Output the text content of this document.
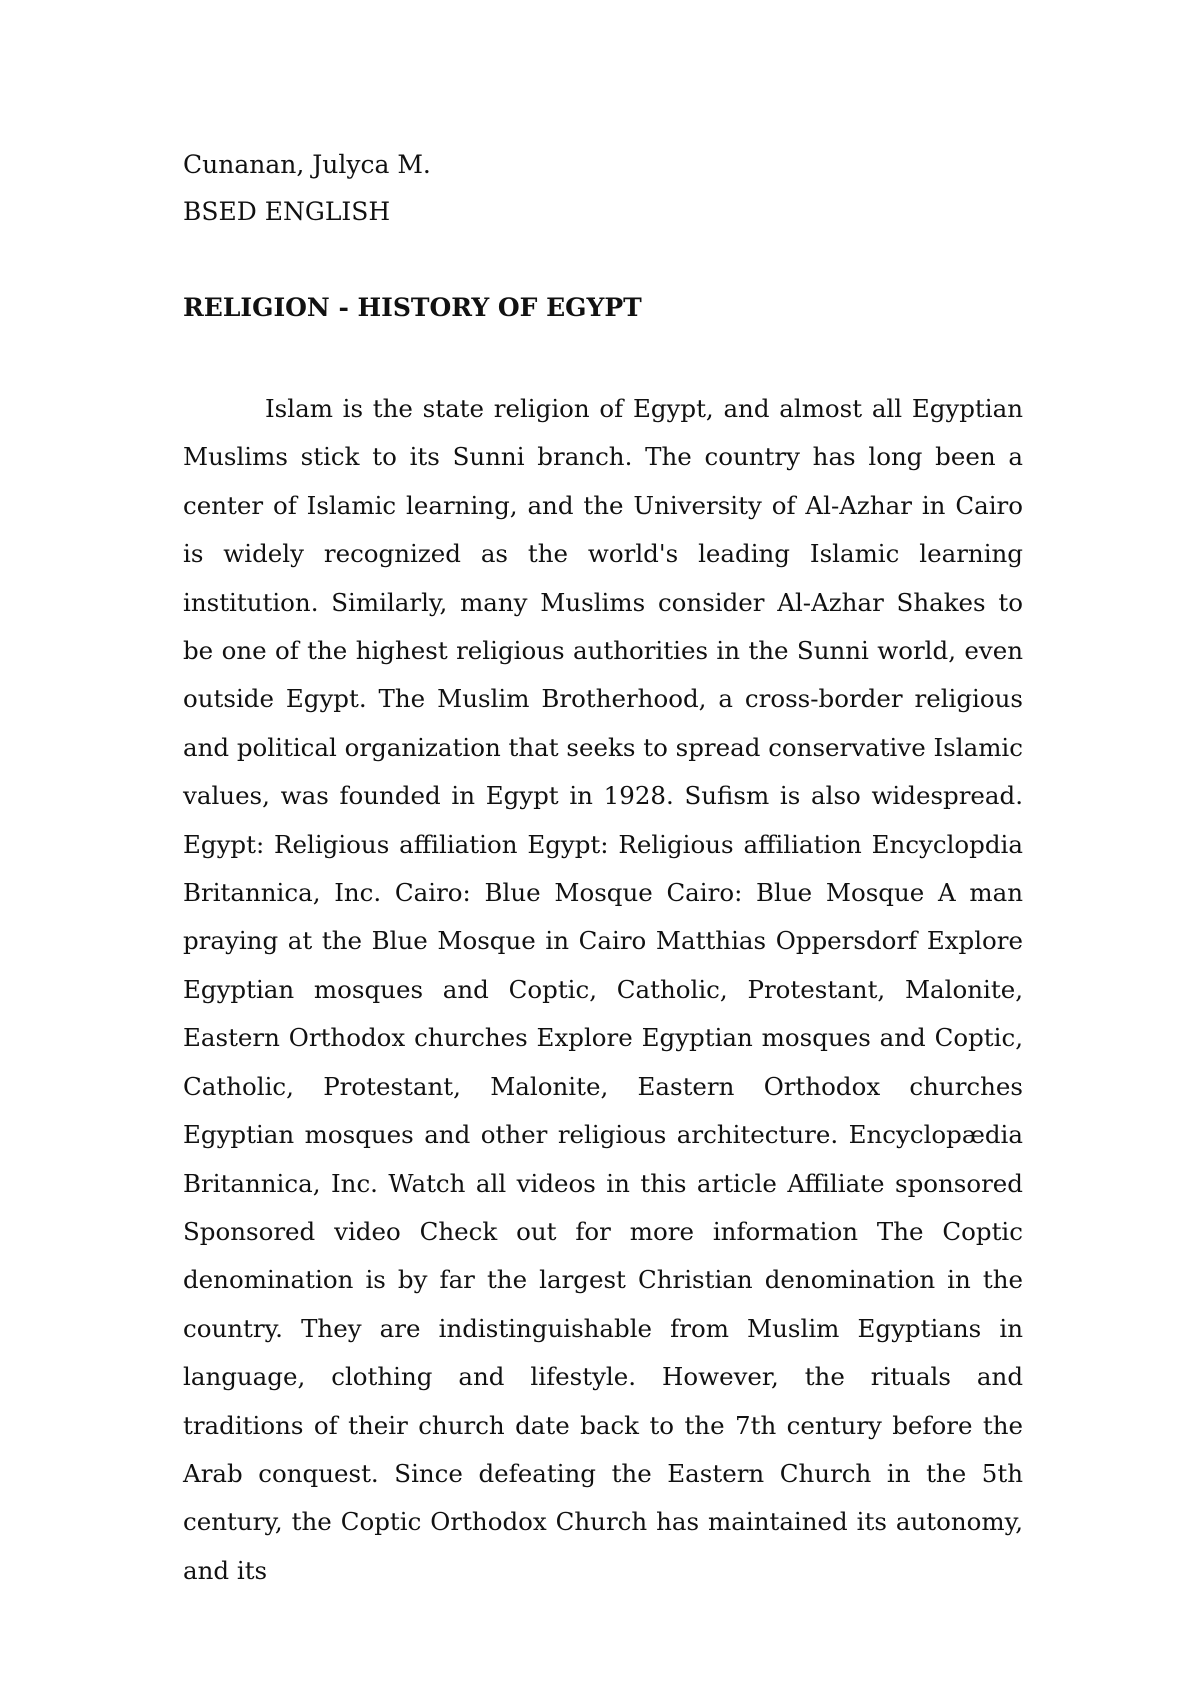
Cunanan, Julyca M.

BSED ENGLISH

RELIGION - HISTORY OF EGYPT

Islam is the state religion of Egypt, and almost all Egyptian Muslims stick to its Sunni branch. The country has long been a center of Islamic learning, and the University of Al-Azhar in Cairo is widely recognized as the world's leading Islamic learning institution. Similarly, many Muslims consider Al-Azhar Shakes to be one of the highest religious authorities in the Sunni world, even outside Egypt. The Muslim Brotherhood, a cross-border religious and political organization that seeks to spread conservative Islamic values, was founded in Egypt in 1928. Sufism is also widespread. Egypt: Religious affiliation Egypt: Religious affiliation Encyclopdia Britannica, Inc. Cairo: Blue Mosque Cairo: Blue Mosque A man praying at the Blue Mosque in Cairo Matthias Oppersdorf Explore Egyptian mosques and Coptic, Catholic, Protestant, Malonite, Eastern Orthodox churches Explore Egyptian mosques and Coptic, Catholic, Protestant, Malonite, Eastern Orthodox churches Egyptian mosques and other religious architecture. Encyclopædia Britannica, Inc. Watch all videos in this article Affiliate sponsored Sponsored video Check out for more information The Coptic denomination is by far the largest Christian denomination in the country. They are indistinguishable from Muslim Egyptians in language, clothing and lifestyle. However, the rituals and traditions of their church date back to the 7th century before the Arab conquest. Since defeating the Eastern Church in the 5th century, the Coptic Orthodox Church has maintained its autonomy, and its
